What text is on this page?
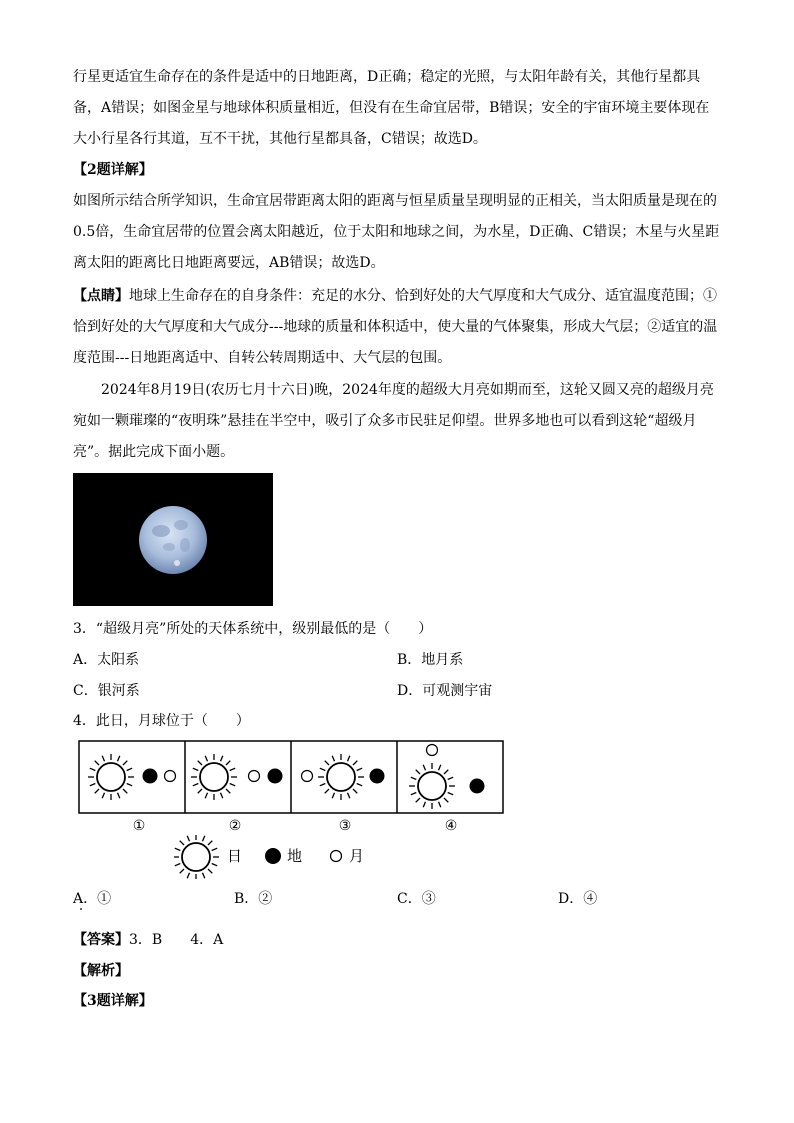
行星更适宜生命存在的条件是适中的日地距离，D正确；稳定的光照，与太阳年龄有关，其他行星都具
备，A错误；如图金星与地球体积质量相近，但没有在生命宜居带，B错误；安全的宇宙环境主要体现在
大小行星各行其道，互不干扰，其他行星都具备，C错误；故选D。
【2题详解】
如图所示结合所学知识，生命宜居带距离太阳的距离与恒星质量呈现明显的正相关，当太阳质量是现在的
0.5倍，生命宜居带的位置会离太阳越近，位于太阳和地球之间，为水星，D正确、C错误；木星与火星距
离太阳的距离比日地距离要远，AB错误；故选D。
【点睛】地球上生命存在的自身条件：充足的水分、恰到好处的大气厚度和大气成分、适宜温度范围；①
恰到好处的大气厚度和大气成分---地球的质量和体积适中，使大量的气体聚集，形成大气层；②适宜的温
度范围---日地距离适中、自转公转周期适中、大气层的包围。
2024年8月19日(农历七月十六日)晚，2024年度的超级大月亮如期而至，这轮又圆又亮的超级月亮
宛如一颗璀璨的“夜明珠”悬挂在半空中，吸引了众多市民驻足仰望。世界多地也可以看到这轮“超级月
亮”。据此完成下面小题。
3．“超级月亮”所处的天体系统中，级别最低的是（　　）
A．太阳系	B．地月系
C．银河系	D．可观测宇宙
4．此日，月球位于（　　）
①	②	③	④
日	地	月
A．①	B．②	C．③	D．④
【答案】3．B　　4．A
【解析】
【3题详解】
